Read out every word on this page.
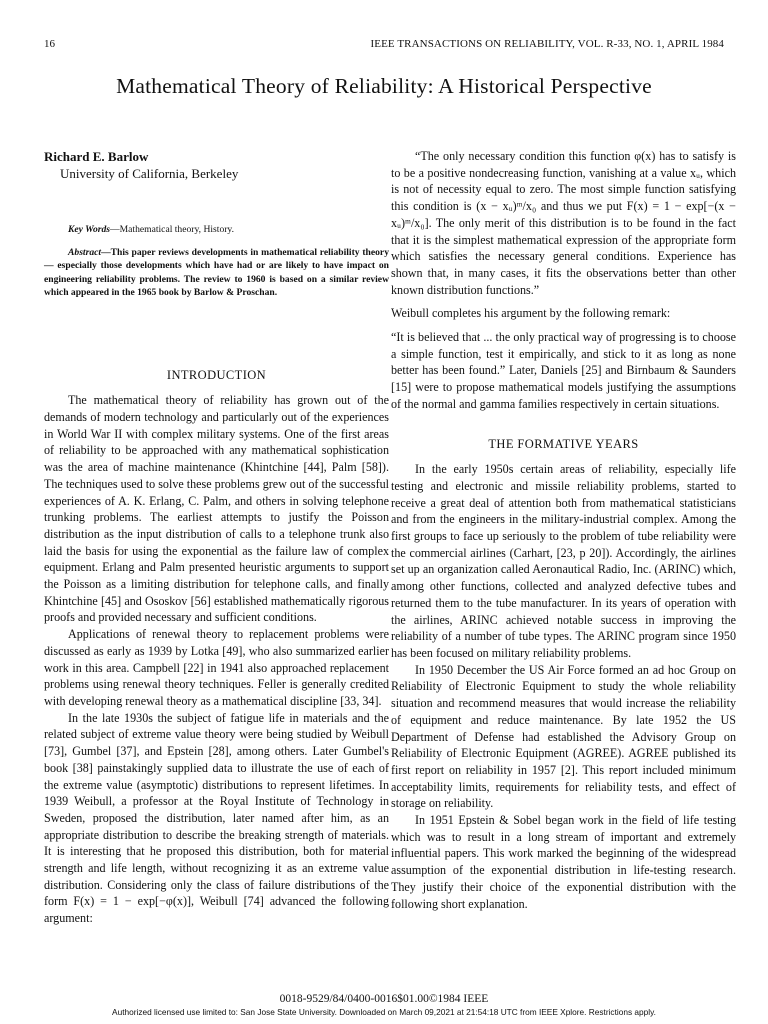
16	IEEE TRANSACTIONS ON RELIABILITY, VOL. R-33, NO. 1, APRIL 1984
Mathematical Theory of Reliability: A Historical Perspective

Richard E. Barlow

University of California, Berkeley

Key Words—Mathematical theory, History.

Abstract—This paper reviews developments in mathematical reliability theory — especially those developments which have had or are likely to have impact on engineering reliability problems. The review to 1960 is based on a similar review which appeared in the 1965 book by Barlow & Proschan.

INTRODUCTION

The mathematical theory of reliability has grown out of the demands of modern technology and particularly out of the experiences in World War II with complex military systems. One of the first areas of reliability to be approached with any mathematical sophistication was the area of machine maintenance (Khintchine [44], Palm [58]). The techniques used to solve these problems grew out of the successful experiences of A. K. Erlang, C. Palm, and others in solving telephone trunking problems. The earliest attempts to justify the Poisson distribution as the input distribution of calls to a telephone trunk also laid the basis for using the exponential as the failure law of complex equipment. Erlang and Palm presented heuristic arguments to support the Poisson as a limiting distribution for telephone calls, and finally Khintchine [45] and Ososkov [56] established mathematically rigorous proofs and provided necessary and sufficient conditions.

Applications of renewal theory to replacement problems were discussed as early as 1939 by Lotka [49], who also summarized earlier work in this area. Campbell [22] in 1941 also approached replacement problems using renewal theory techniques. Feller is generally credited with developing renewal theory as a mathematical discipline [33, 34].

In the late 1930s the subject of fatigue life in materials and the related subject of extreme value theory were being studied by Weibull [73], Gumbel [37], and Epstein [28], among others. Later Gumbel's book [38] painstakingly supplied data to illustrate the use of each of the extreme value (asymptotic) distributions to represent lifetimes. In 1939 Weibull, a professor at the Royal Institute of Technology in Sweden, proposed the distribution, later named after him, as an appropriate distribution to describe the breaking strength of materials. It is interesting that he proposed this distribution, both for material strength and life length, without recognizing it as an extreme value distribution. Considering only the class of failure distributions of the form F(x) = 1 − exp[−φ(x)], Weibull [74] advanced the following argument:

“The only necessary condition this function φ(x) has to satisfy is to be a positive nondecreasing function, vanishing at a value xᵤ, which is not of necessity equal to zero. The most simple function satisfying this condition is (x − xᵤ)ᵐ/x₀ and thus we put F(x) = 1 − exp[−(x − xᵤ)ᵐ/x₀]. The only merit of this distribution is to be found in the fact that it is the simplest mathematical expression of the appropriate form which satisfies the necessary general conditions. Experience has shown that, in many cases, it fits the observations better than other known distribution functions.”

Weibull completes his argument by the following remark:

“It is believed that ... the only practical way of progressing is to choose a simple function, test it empirically, and stick to it as long as none better has been found.” Later, Daniels [25] and Birnbaum & Saunders [15] were to propose mathematical models justifying the assumptions of the normal and gamma families respectively in certain situations.

THE FORMATIVE YEARS

In the early 1950s certain areas of reliability, especially life testing and electronic and missile reliability problems, started to receive a great deal of attention both from mathematical statisticians and from the engineers in the military-industrial complex. Among the first groups to face up seriously to the problem of tube reliability were the commercial airlines (Carhart, [23, p 20]). Accordingly, the airlines set up an organization called Aeronautical Radio, Inc. (ARINC) which, among other functions, collected and analyzed defective tubes and returned them to the tube manufacturer. In its years of operation with the airlines, ARINC achieved notable success in improving the reliability of a number of tube types. The ARINC program since 1950 has been focused on military reliability problems.

In 1950 December the US Air Force formed an ad hoc Group on Reliability of Electronic Equipment to study the whole reliability situation and recommend measures that would increase the reliability of equipment and reduce maintenance. By late 1952 the US Department of Defense had established the Advisory Group on Reliability of Electronic Equipment (AGREE). AGREE published its first report on reliability in 1957 [2]. This report included minimum acceptability limits, requirements for reliability tests, and effect of storage on reliability.

In 1951 Epstein & Sobel began work in the field of life testing which was to result in a long stream of important and extremely influential papers. This work marked the beginning of the widespread assumption of the exponential distribution in life-testing research. They justify their choice of the exponential distribution with the following short explanation.

0018-9529/84/0400-0016$01.00©1984 IEEE
Authorized licensed use limited to: San Jose State University. Downloaded on March 09,2021 at 21:54:18 UTC from IEEE Xplore. Restrictions apply.
